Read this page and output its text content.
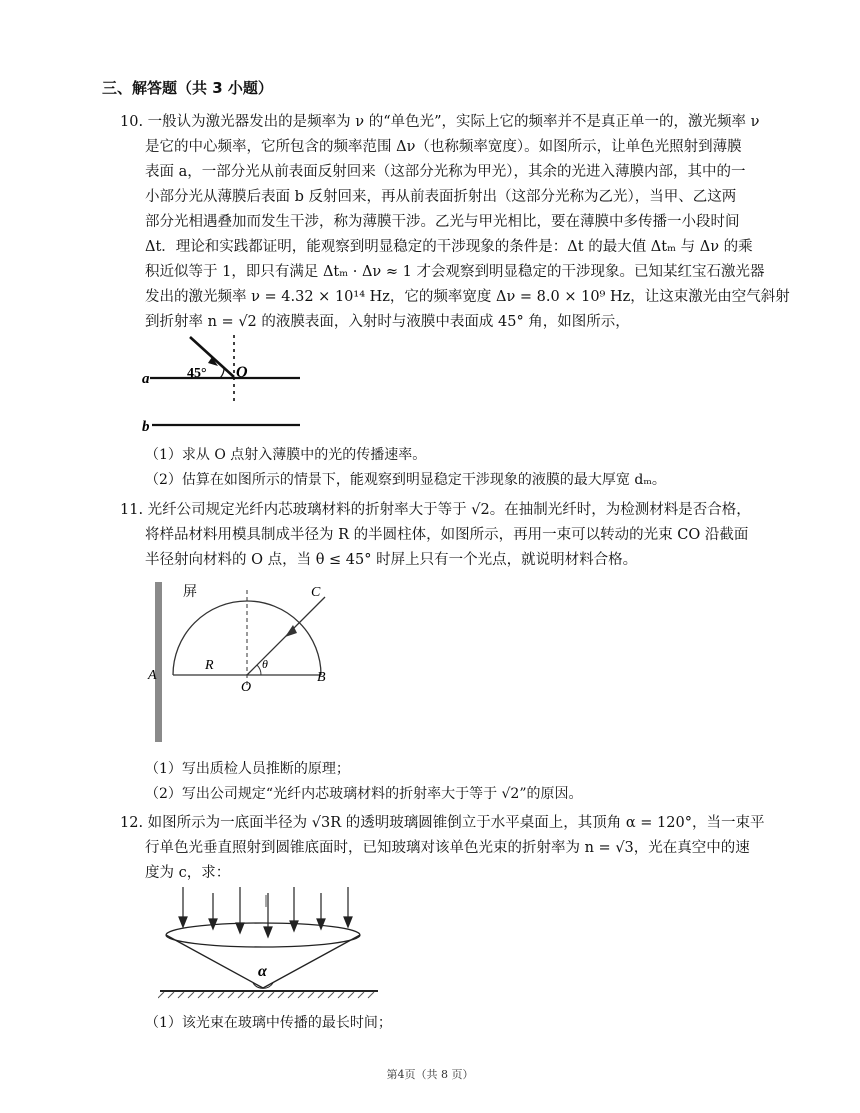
三、解答题（共 3 小题）
10. 一般认为激光器发出的是频率为 ν 的“单色光”，实际上它的频率并不是真正单一的，激光频率 ν
是它的中心频率，它所包含的频率范围 Δν（也称频率宽度）。如图所示，让单色光照射到薄膜
表面 a，一部分光从前表面反射回来（这部分光称为甲光），其余的光进入薄膜内部，其中的一
小部分光从薄膜后表面 b 反射回来，再从前表面折射出（这部分光称为乙光），当甲、乙这两
部分光相遇叠加而发生干涉，称为薄膜干涉。乙光与甲光相比，要在薄膜中多传播一小段时间
Δt．理论和实践都证明，能观察到明显稳定的干涉现象的条件是：Δt 的最大值 Δtₘ 与 Δν 的乘
积近似等于 1，即只有满足 Δtₘ · Δν ≈ 1 才会观察到明显稳定的干涉现象。已知某红宝石激光器
发出的激光频率 ν = 4.32 × 10¹⁴ Hz，它的频率宽度 Δν = 8.0 × 10⁹ Hz，让这束激光由空气斜射
到折射率 n = √2 的液膜表面，入射时与液膜中表面成 45° 角，如图所示，
a
b
45° O
（1）求从 O 点射入薄膜中的光的传播速率。
（2）估算在如图所示的情景下，能观察到明显稳定干涉现象的液膜的最大厚宽 dₘ。
11. 光纤公司规定光纤内芯玻璃材料的折射率大于等于 √2。在抽制光纤时，为检测材料是否合格，
将样品材料用模具制成半径为 R 的半圆柱体，如图所示，再用一束可以转动的光束 CO 沿截面
半径射向材料的 O 点，当 θ ≤ 45° 时屏上只有一个光点，就说明材料合格。
屏
A	B
C
O
R	θ
（1）写出质检人员推断的原理；
（2）写出公司规定“光纤内芯玻璃材料的折射率大于等于 √2”的原因。
12. 如图所示为一底面半径为 √3R 的透明玻璃圆锥倒立于水平桌面上，其顶角 α = 120°，当一束平
行单色光垂直照射到圆锥底面时，已知玻璃对该单色光束的折射率为 n = √3，光在真空中的速
度为 c，求：
α
（1）该光束在玻璃中传播的最长时间；
第4页（共 8 页）
